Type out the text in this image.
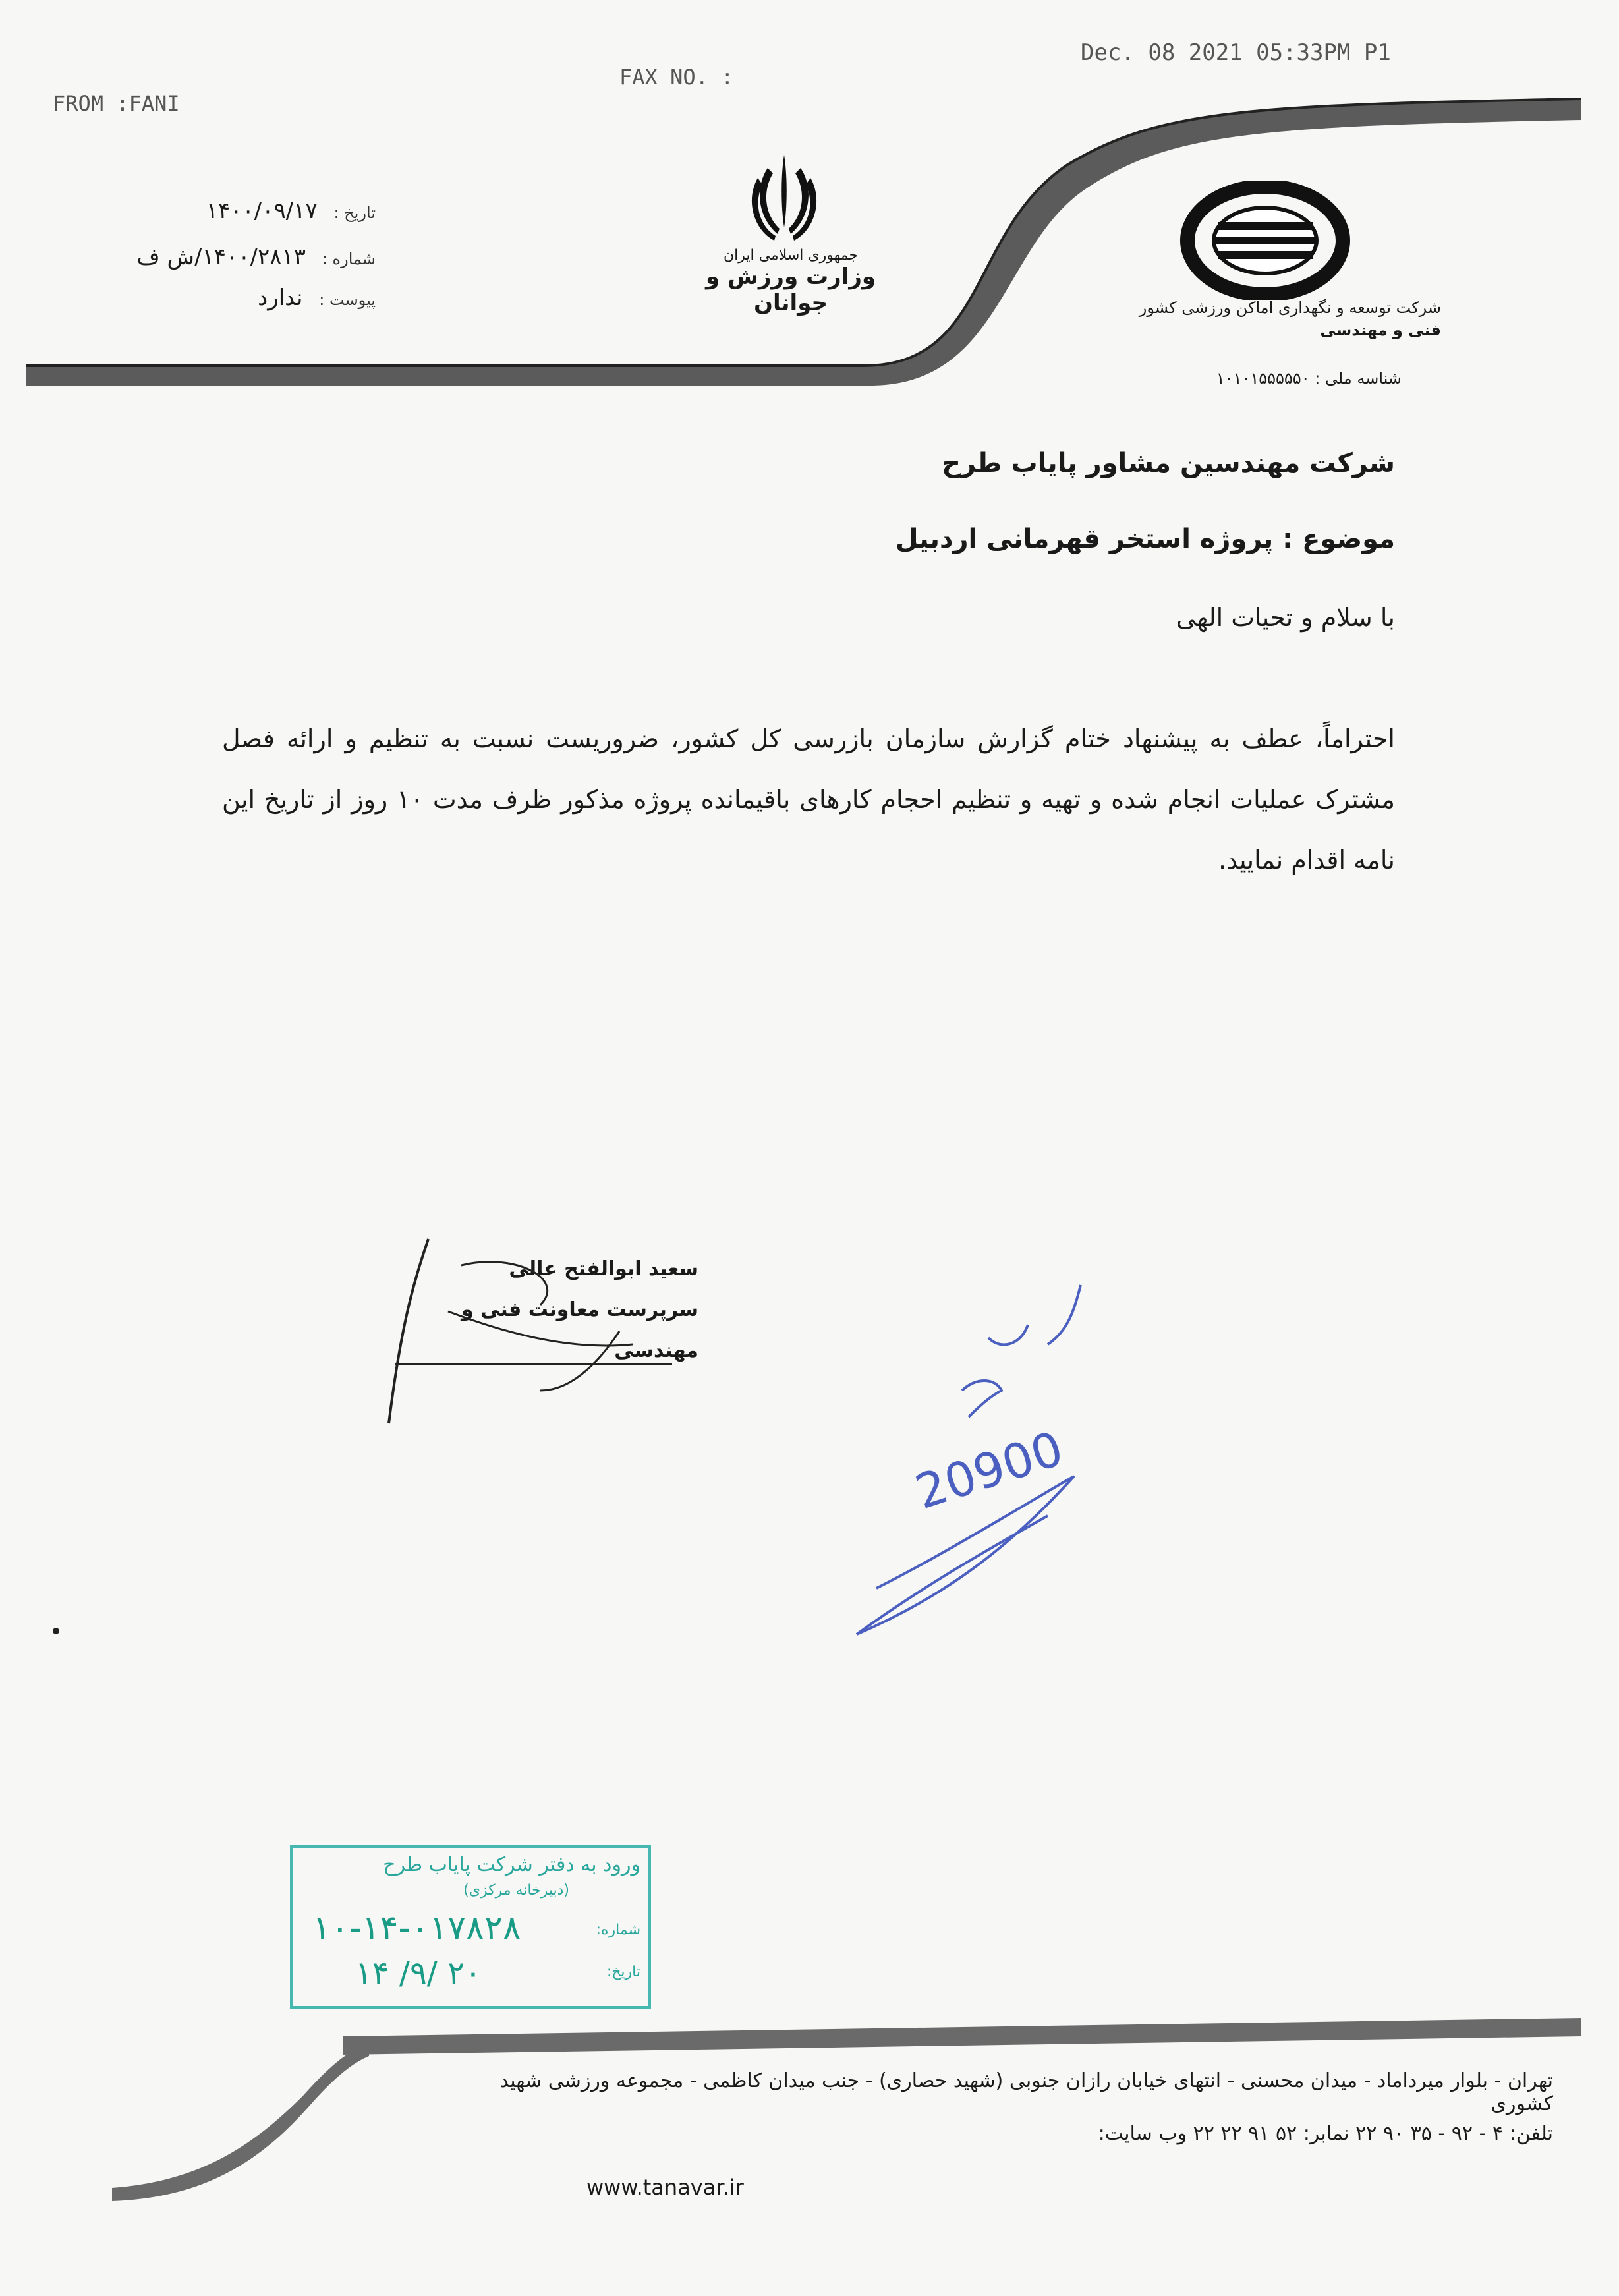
FROM :FANI
FAX NO. :
Dec. 08 2021 05:33PM P1
تاریخ : ۱۴۰۰/۰۹/۱۷
شماره : ۱۴۰۰/۲۸۱۳/ش ف
پیوست : ندارد
جمهوری اسلامی ایران
وزارت ورزش و جوانان	شرکت توسعه و نگهداری اماکن ورزشی کشور
فنی و مهندسی
شناسه ملی : ۱۰۱۰۱۵۵۵۵۵۰
شرکت مهندسین مشاور پایاب طرح
موضوع : پروژه استخر قهرمانی اردبیل
با سلام و تحیات الهی
احتراماً، عطف به پیشنهاد ختام گزارش سازمان بازرسی کل کشور، ضروریست نسبت به تنظیم و ارائه فصل مشترک عملیات انجام شده و تهیه و تنظیم احجام کارهای باقیمانده پروژه مذکور ظرف مدت ۱۰ روز از تاریخ این نامه اقدام نمایید.
سعید ابوالفتح عالی
سرپرست معاونت فنی و مهندسی
20900
ورود به دفتر شرکت پایاب طرح
(دبیرخانه مرکزی)
شماره:
۱۰-۱۴-۰۱۷۸۲۸
تاریخ:
۱۴ /۹/ ۲۰
تهران - بلوار میرداماد - میدان محسنی - انتهای خیابان رازان جنوبی (شهید حصاری) - جنب میدان کاظمی - مجموعه ورزشی شهید کشوری
تلفن: ۴ - ۹۲ - ۳۵ ۹۰ ۲۲ نمابر: ۵۲ ۹۱ ۲۲ ۲۲ وب سایت:
www.tanavar.ir
